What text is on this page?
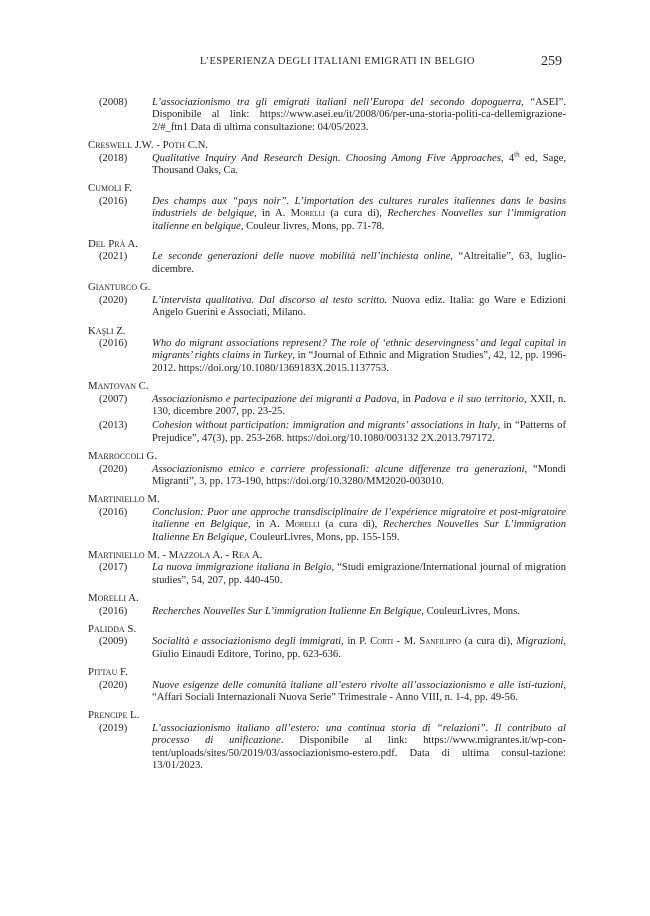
L’ESPERIENZA DEGLI ITALIANI EMIGRATI IN BELGIO	259
(2008)	L’associazionismo tra gli emigrati italiani nell’Europa del secondo dopoguerra, “ASEI”. Disponibile al link: https://www.asei.eu/it/2008/06/per-una-storia-politi-ca-dellemigrazione-2/#_ftn1 Data di ultima consultazione: 04/05/2023.
Creswell J.W. - Poth C.N.
(2018)	Qualitative Inquiry And Research Design. Choosing Among Five Approaches, 4th ed, Sage, Thousand Oaks, Ca.
Cumoli F.
(2016)	Des champs aux “pays noir”. L’importation des cultures rurales italiennes dans le basins industriels de belgique, in A. Morelli (a cura di), Recherches Nouvelles sur l’immigration italienne en belgique, Couleur livres, Mons, pp. 71-78.
Del Prà A.
(2021)	Le seconde generazioni delle nuove mobilità nell’inchiesta online, “Altreitalie”, 63, luglio-dicembre.
Gianturco G.
(2020)	L’intervista qualitativa. Dal discorso al testo scritto. Nuova ediz. Italia: go Ware e Edizioni Angelo Guerini e Associati, Milano.
Kaşli Z.
(2016)	Who do migrant associations represent? The role of ‘ethnic deservingness’ and legal capital in migrants’ rights claims in Turkey, in “Journal of Ethnic and Migration Studies”, 42, 12, pp. 1996-2012. https://doi.org/10.1080/1369183X.2015.1137753.
Mantovan C.
(2007)	Associazionismo e partecipazione dei migranti a Padova, in Padova e il suo territorio, XXII, n. 130, dicembre 2007, pp. 23-25.
(2013)	Cohesion without participation: immigration and migrants’ associations in Italy, in “Patterns of Prejudice”, 47(3), pp. 253-268. https://doi.org/10.1080/003132 2X.2013.797172.
Marroccoli G.
(2020)	Associazionismo etnico e carriere professionali: alcune differenze tra generazioni, “Mondi Migranti”, 3, pp. 173-190, https://doi.org/10.3280/MM2020-003010.
Martiniello M.
(2016)	Conclusion: Puor une approche transdisciplinaire de l’expérience migratoire et post-migratoire italienne en Belgique, in A. Morelli (a cura di), Recherches Nouvelles Sur L’immigration Italienne En Belgique, CouleurLivres, Mons, pp. 155-159.
Martiniello M. - Mazzola A. - Rea A.
(2017)	La nuova immigrazione italiana in Belgio, “Studi emigrazione/International journal of migration studies”, 54, 207, pp. 440-450.
Morelli A.
(2016)	Recherches Nouvelles Sur L’immigration Italienne En Belgique, CouleurLivres, Mons.
Palidda S.
(2009)	Socialità e associazionismo degli immigrati, in P. Corti - M. Sanfilippo (a cura di), Migrazioni, Giulio Einaudi Editore, Torino, pp. 623-636.
Pittau F.
(2020)	Nuove esigenze delle comunità italiane all’estero rivolte all’associazionismo e alle isti-tuzioni, “Affari Sociali Internazionali Nuova Serie” Trimestrale - Anno VIII, n. 1-4, pp. 49-56.
Prencipe L.
(2019)	L’associazionismo italiano all’estero: una continua storia di “relazioni”. Il contributo al processo di unificazione. Disponibile al link: https://www.migrantes.it/wp-con-tent/uploads/sites/50/2019/03/associazionismo-estero.pdf. Data di ultima consul-tazione: 13/01/2023.
